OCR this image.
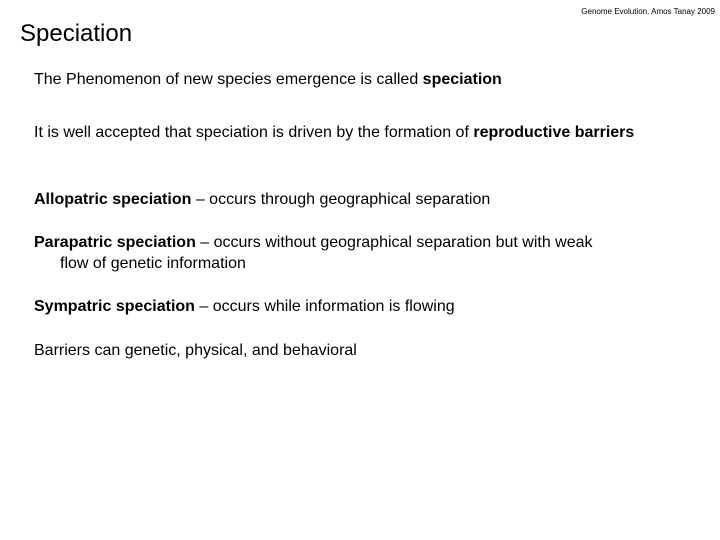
Genome Evolution. Amos Tanay 2009
Speciation

The Phenomenon of new species emergence is called speciation

It is well accepted that speciation is driven by the formation of reproductive barriers

Allopatric speciation – occurs through geographical separation

Parapatric speciation – occurs without geographical separation but with weak
flow of genetic information

Sympatric speciation – occurs while information is flowing

Barriers can genetic, physical, and behavioral
